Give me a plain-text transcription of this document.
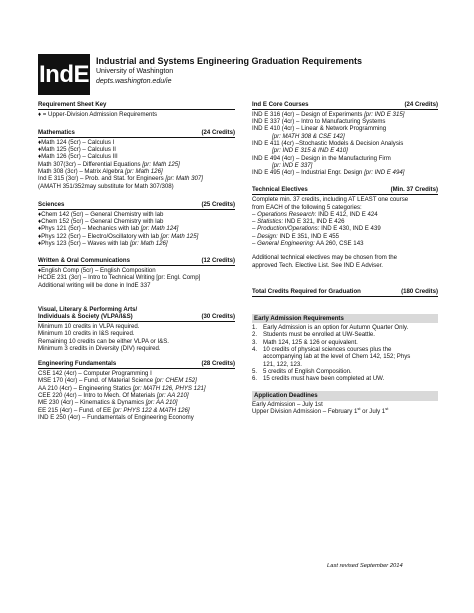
IndE Industrial and Systems Engineering Graduation Requirements
University of Washington
depts.washington.edu/ie
Requirement Sheet Key
♦ = Upper-Division Admission Requirements
Mathematics	(24 Credits)
♦Math 124 (5cr) – Calculus I
♦Math 125 (5cr) – Calculus II
♦Math 126 (5cr) – Calculus III
Math 307(3cr) – Differential Equations [pr: Math 125]
Math 308 (3cr) – Matrix Algebra [pr: Math 126]
Ind E 315 (3cr) – Prob. and Stat. for Engineers [pr: Math 307]
(AMATH 351/352may substitute for Math 307/308)
Sciences	(25 Credits)
♦Chem 142 (5cr) – General Chemistry with lab
♦Chem 152 (5cr) – General Chemistry with lab
♦Phys 121 (5cr) – Mechanics with lab [pr: Math 124]
♦Phys 122 (5cr) – Electro/Oscillatory with lab [pr: Math 125]
♦Phys 123 (5cr) – Waves with lab [pr: Math 126]
Written & Oral Communications	(12 Credits)
♦English Comp (5cr) – English Composition
HCDE 231 (3cr) – Intro to Technical Writing [pr: Engl. Comp]
Additional writing will be done in IndE 337
Visual, Literary & Performing Arts/
Individuals & Society (VLPA/I&S)	(30 Credits)
Minimum 10 credits in VLPA required.
Minimum 10 credits in I&S required.
Remaining 10 credits can be either VLPA or I&S.
Minimum 3 credits in Diversity (DIV) required.
Engineering Fundamentals	(28 Credits)
CSE 142 (4cr) – Computer Programming I
MSE 170 (4cr) – Fund. of Material Science [pr: CHEM 152]
AA 210 (4cr) – Engineering Statics [pr: MATH 126, PHYS 121]
CEE 220 (4cr) – Intro to Mech. Of Materials [pr: AA 210]
ME 230 (4cr) – Kinematics & Dynamics [pr: AA 210]
EE 215 (4cr) – Fund. of EE [pr: PHYS 122 & MATH 126]
IND E 250 (4cr) – Fundamentals of Engineering Economy
Ind E Core Courses	(24 Credits)
IND E 316 (4cr) – Design of Experiments [pr: IND E 315]
IND E 337 (4cr) – Intro to Manufacturing Systems
IND E 410 (4cr) – Linear & Network Programming
[pr: MATH 308 & CSE 142]
IND E 411 (4cr) –Stochastic Models & Decision Analysis
[pr: IND E 315 & IND E 410]
IND E 494 (4cr) – Design in the Manufacturing Firm
[pr: IND E 337]
IND E 495 (4cr) – Industrial Engr. Design [pr: IND E 494]
Technical Electives	(Min. 37 Credits)
Complete min. 37 credits, including AT LEAST one course
from EACH of the following 5 categories:
– Operations Research: IND E 412, IND E 424
– Statistics: IND E 321, IND E 426
– Production/Operations: IND E 430, IND E 439
– Design: IND E 351, IND E 455
– General Engineering: AA 260, CSE 143
Additional technical electives may be chosen from the
approved Tech. Elective List. See IND E Adviser.
Total Credits Required for Graduation	(180 Credits)
Early Admission Requirements
1. Early Admission is an option for Autumn Quarter Only.
2. Students must be enrolled at UW-Seattle.
3. Math 124, 125 & 126 or equivalent.
4. 10 credits of physical sciences courses plus the
accompanying lab at the level of Chem 142, 152; Phys
121, 122, 123.
5. 5 credits of English Composition.
6. 15 credits must have been completed at UW.
Application Deadlines
Early Admission – July 1st
Upper Division Admission – February 1st or July 1st
Last revised September 2014
